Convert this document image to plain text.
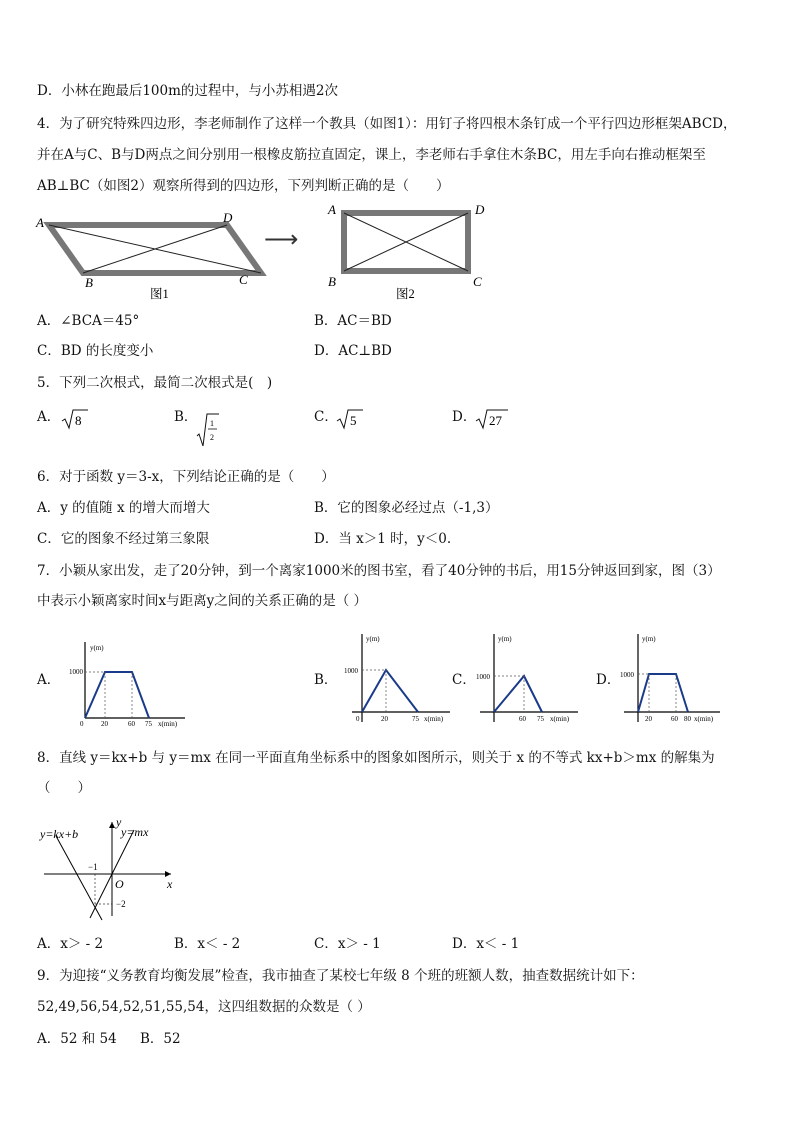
D．小林在跑最后100m的过程中，与小苏相遇2次
4．为了研究特殊四边形，李老师制作了这样一个教具（如图1）：用钉子将四根木条钉成一个平行四边形框架ABCD，
并在A与C、B与D两点之间分别用一根橡皮筋拉直固定，课上，李老师右手拿住木条BC，用左手向右推动框架至
AB⊥BC（如图2）观察所得到的四边形，下列判断正确的是（　　）
A	D
B	C
图1
⟶
A	D
B	C
图2
A．∠BCA＝45°	B．AC＝BD
C．BD 的长度变小	D．AC⊥BD
5．下列二次根式，最简二次根式是(　)
A． 8	B． 1
2
C． 5	D． 27
6．对于函数 y＝3-x，下列结论正确的是（　　）
A．y 的值随 x 的增大而增大	B．它的图象必经过点（-1,3）
C．它的图象不经过第三象限	D．当 x＞1 时，y＜0.
7．小颖从家出发，走了20分钟，到一个离家1000米的图书室，看了40分钟的书后，用15分钟返回到家，图（3）
中表示小颖离家时间x与距离y之间的关系正确的是（ ）
A．	B．	C．	D．
y(m)
1000
0	20	60 75 x(min)
y(m)
1000
0	20	75 x(min)
y(m)
1000
60 75 x(min)
y(m)
1000
20	60 80 x(min)
8．直线 y＝kx+b 与 y＝mx 在同一平面直角坐标系中的图象如图所示，则关于 x 的不等式 kx+b＞mx 的解集为
（　　）
y=kx+b	y=mx
y
x
O
−1
−2
A．x＞ - 2	B．x＜ - 2	C．x＞ - 1	D．x＜ - 1
9．为迎接“义务教育均衡发展”检查，我市抽查了某校七年级 8 个班的班额人数，抽查数据统计如下：
52,49,56,54,52,51,55,54，这四组数据的众数是（ ）
A．52 和 54 B．52
